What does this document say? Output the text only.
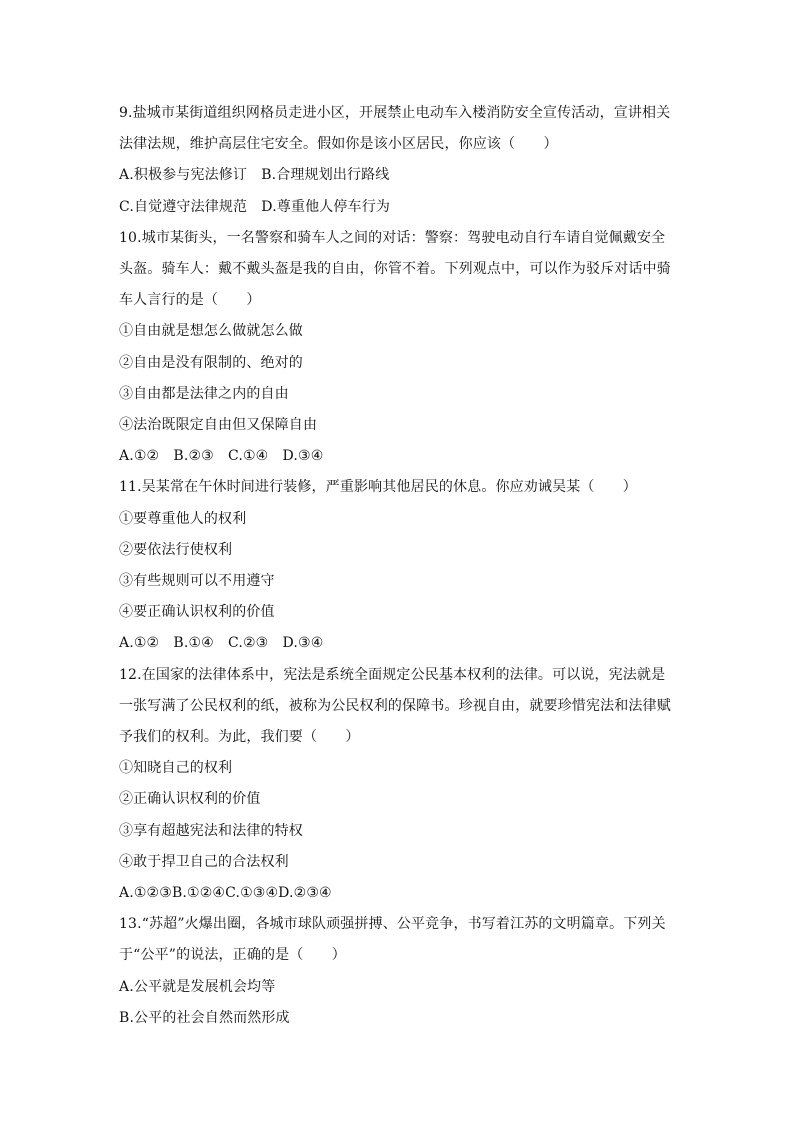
9.盐城市某街道组织网格员走进小区，开展禁止电动车入楼消防安全宣传活动，宣讲相关法律法规，维护高层住宅安全。假如你是该小区居民，你应该（　　）
A.积极参与宪法修订　B.合理规划出行路线
C.自觉遵守法律规范　D.尊重他人停车行为
10.城市某街头，一名警察和骑车人之间的对话：警察：驾驶电动自行车请自觉佩戴安全头盔。骑车人：戴不戴头盔是我的自由，你管不着。下列观点中，可以作为驳斥对话中骑车人言行的是（　　）
①自由就是想怎么做就怎么做
②自由是没有限制的、绝对的
③自由都是法律之内的自由
④法治既限定自由但又保障自由
A.①②　B.②③　C.①④　D.③④
11.吴某常在午休时间进行装修，严重影响其他居民的休息。你应劝诫吴某（　　）
①要尊重他人的权利
②要依法行使权利
③有些规则可以不用遵守
④要正确认识权利的价值
A.①②　B.①④　C.②③　D.③④
12.在国家的法律体系中，宪法是系统全面规定公民基本权利的法律。可以说，宪法就是一张写满了公民权利的纸，被称为公民权利的保障书。珍视自由，就要珍惜宪法和法律赋予我们的权利。为此，我们要（　　）
①知晓自己的权利
②正确认识权利的价值
③享有超越宪法和法律的特权
④敢于捍卫自己的合法权利
A.①②③B.①②④C.①③④D.②③④
13.“苏超”火爆出圈，各城市球队顽强拼搏、公平竞争，书写着江苏的文明篇章。下列关于“公平”的说法，正确的是（　　）
A.公平就是发展机会均等
B.公平的社会自然而然形成
